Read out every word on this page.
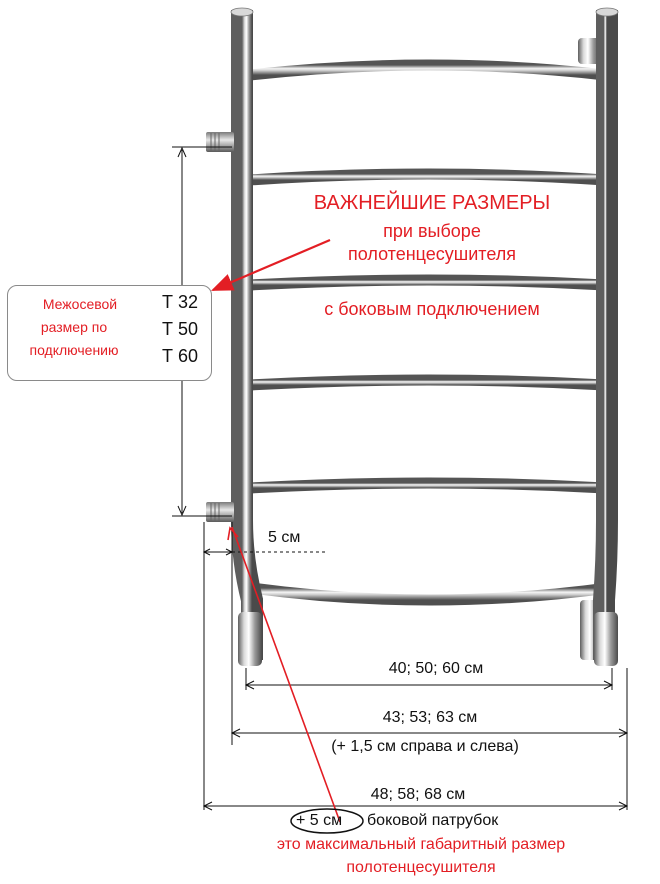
ВАЖНЕЙШИЕ РАЗМЕРЫ
при выборе
полотенцесушителя
с боковым подключением
Межосевой
размер по
подключению
Т 32
Т 50
Т 60
5 см
40; 50; 60 см
43; 53; 63 см
(+ 1,5 см справа и слева)
48; 58; 68 см
+ 5 см боковой патрубок
это максимальный габаритный размер
полотенцесушителя
